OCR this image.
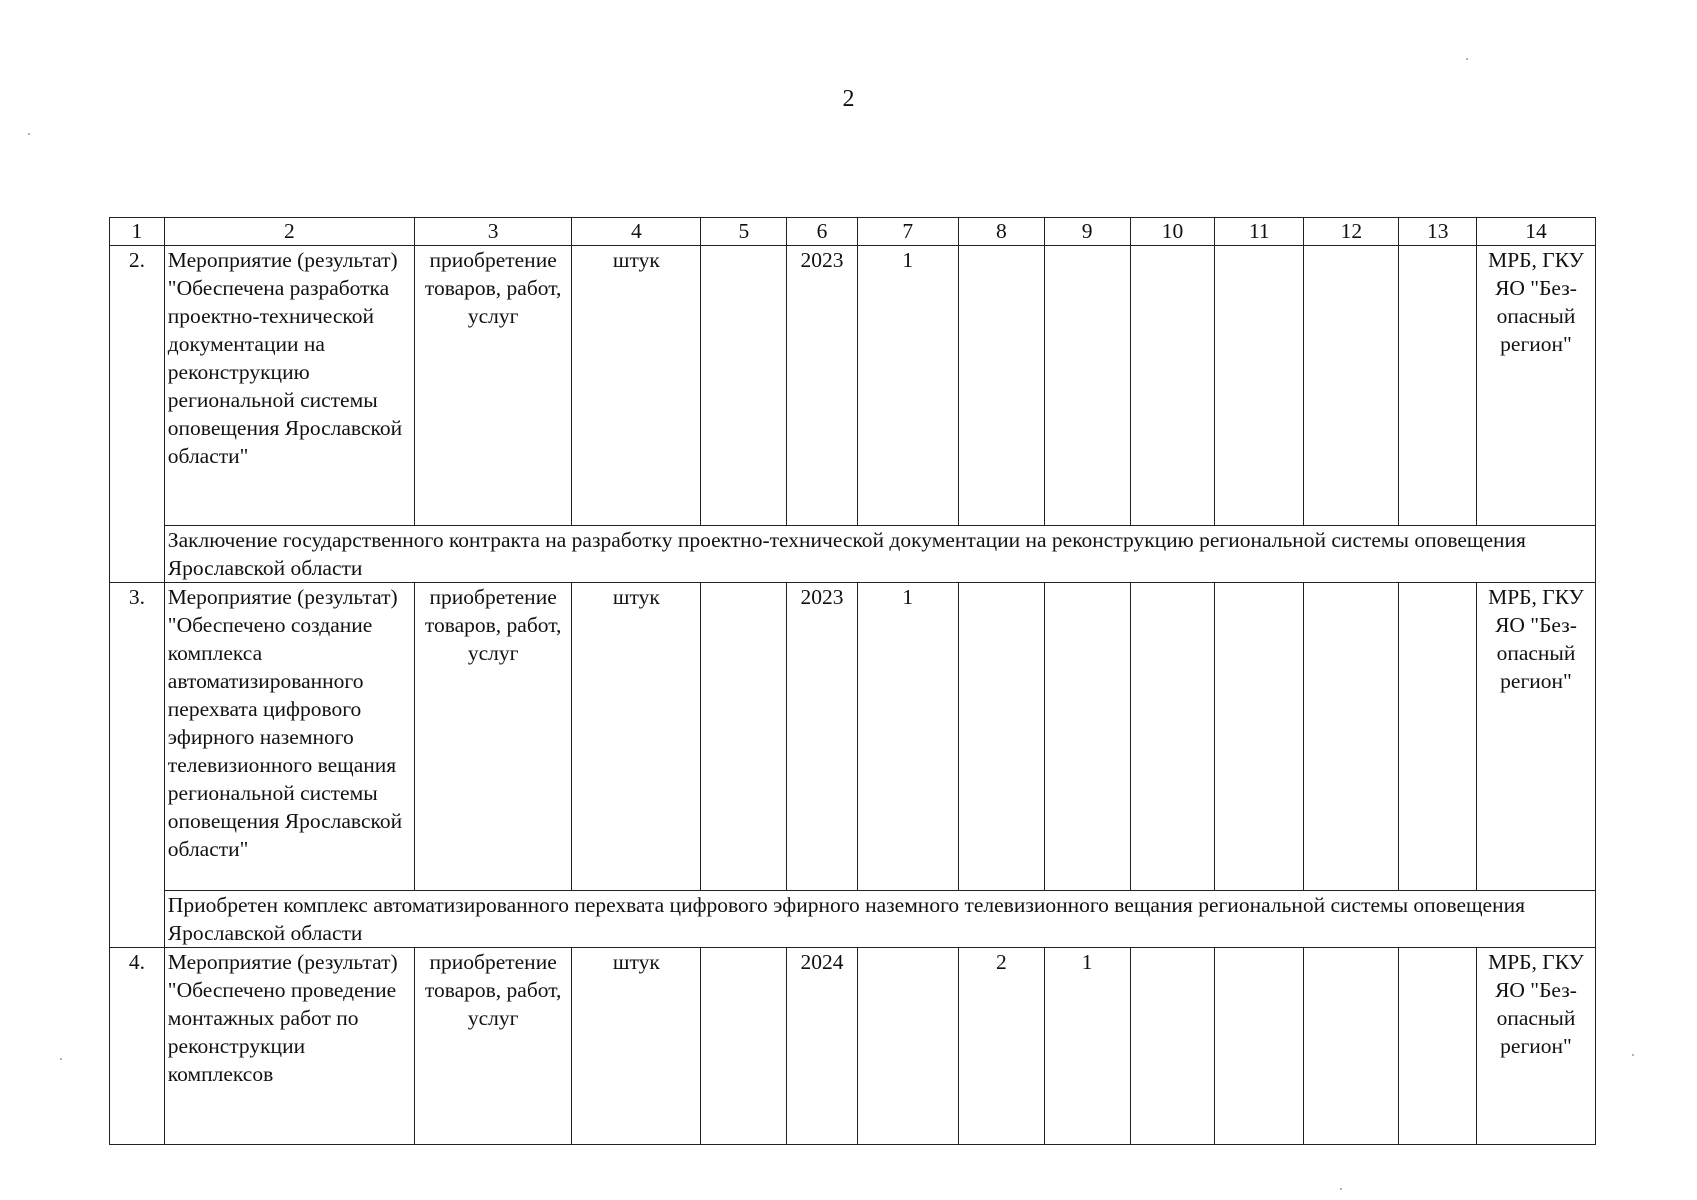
2
1	2	3	4	5	6	7	8	9	10	11	12	13	14
2.	Мероприятие (результат) "Обеспечена разработка проектно-технической документации на реконструкцию региональной системы оповещения Ярославской области"	приобретение товаров, работ, услуг	штук		2023	1							МРБ, ГКУ ЯО "Без-опасный регион"
	Заключение государственного контракта на разработку проектно-технической документации на реконструкцию региональной системы оповещения Ярославской области												
3.	Мероприятие (результат) "Обеспечено создание комплекса автоматизированного перехвата цифрового эфирного наземного телевизионного вещания региональной системы оповещения Ярославской области"	приобретение товаров, работ, услуг	штук		2023	1							МРБ, ГКУ ЯО "Без-опасный регион"
	Приобретен комплекс автоматизированного перехвата цифрового эфирного наземного телевизионного вещания региональной системы оповещения Ярославской области												
4.	Мероприятие (результат) "Обеспечено проведение монтажных работ по реконструкции комплексов	приобретение товаров, работ, услуг	штук		2024		2	1					МРБ, ГКУ ЯО "Без-опасный регион"
